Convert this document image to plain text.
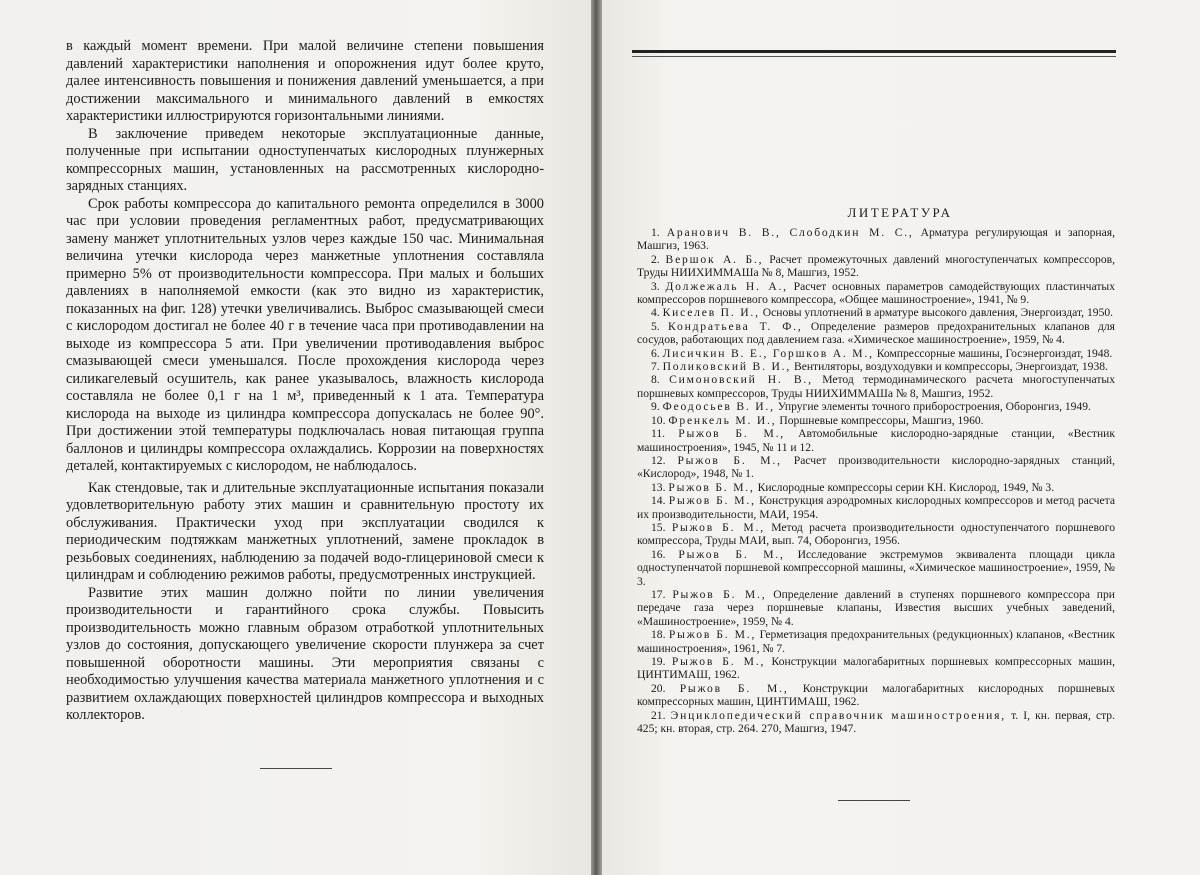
в каждый момент времени. При малой величине степени повышения давлений характеристики наполнения и опорожнения идут более круто, далее интенсивность повышения и понижения давлений уменьшается, а при достижении максимального и минимального давлений в емкостях характеристики иллюстрируются горизонтальными линиями.

В заключение приведем некоторые эксплуатационные данные, полученные при испытании одноступенчатых кислородных плунжерных компрессорных машин, установленных на рассмотренных кислородно-зарядных станциях.

Срок работы компрессора до капитального ремонта определился в 3000 час при условии проведения регламентных работ, предусматривающих замену манжет уплотнительных узлов через каждые 150 час. Минимальная величина утечки кислорода через манжетные уплотнения составляла примерно 5% от производительности компрессора. При малых и больших давлениях в наполняемой емкости (как это видно из характеристик, показанных на фиг. 128) утечки увеличивались. Выброс смазывающей смеси с кислородом достигал не более 40 г в течение часа при противодавлении на выходе из компрессора 5 ати. При увеличении противодавления выброс смазывающей смеси уменьшался. После прохождения кислорода через силикагелевый осушитель, как ранее указывалось, влажность кислорода составляла не более 0,1 г на 1 м³, приведенный к 1 ата. Температура кислорода на выходе из цилиндра компрессора допускалась не более 90°. При достижении этой температуры подключалась новая питающая группа баллонов и цилиндры компрессора охлаждались. Коррозии на поверхностях деталей, контактируемых с кислородом, не наблюдалось.

Как стендовые, так и длительные эксплуатационные испытания показали удовлетворительную работу этих машин и сравнительную простоту их обслуживания. Практически уход при эксплуатации сводился к периодическим подтяжкам манжетных уплотнений, замене прокладок в резьбовых соединениях, наблюдению за подачей водо-глицериновой смеси к цилиндрам и соблюдению режимов работы, предусмотренных инструкцией.

Развитие этих машин должно пойти по линии увеличения производительности и гарантийного срока службы. Повысить производительность можно главным образом отработкой уплотнительных узлов до состояния, допускающего увеличение скорости плунжера за счет повышенной оборотности машины. Эти мероприятия связаны с необходимостью улучшения качества материала манжетного уплотнения и с развитием охлаждающих поверхностей цилиндров компрессора и выходных коллекторов.

ЛИТЕРАТУРА

1. Аранович В. В., Слободкин М. С., Арматура регулирующая и запорная, Машгиз, 1963.

2. Вершок А. Б., Расчет промежуточных давлений многоступенчатых компрессоров, Труды НИИХИММАШа № 8, Машгиз, 1952.

3. Должежаль Н. А., Расчет основных параметров самодействующих пластинчатых компрессоров поршневого компрессора, «Общее машиностроение», 1941, № 9.

4. Киселев П. И., Основы уплотнений в арматуре высокого давления, Энергоиздат, 1950.

5. Кондратьева Т. Ф., Определение размеров предохранительных клапанов для сосудов, работающих под давлением газа. «Химическое машиностроение», 1959, № 4.

6. Лисичкин В. Е., Горшков А. М., Компрессорные машины, Госэнергоиздат, 1948.

7. Поликовский В. И., Вентиляторы, воздуходувки и компрессоры, Энергоиздат, 1938.

8. Симоновский Н. В., Метод термодинамического расчета многоступенчатых поршневых компрессоров, Труды НИИХИММАШа № 8, Машгиз, 1952.

9. Феодосьев В. И., Упругие элементы точного приборостроения, Оборонгиз, 1949.

10. Френкель М. И., Поршневые компрессоры, Машгиз, 1960.

11. Рыжов Б. М., Автомобильные кислородно-зарядные станции, «Вестник машиностроения», 1945, № 11 и 12.

12. Рыжов Б. М., Расчет производительности кислородно-зарядных станций, «Кислород», 1948, № 1.

13. Рыжов Б. М., Кислородные компрессоры серии КН. Кислород, 1949, № 3.

14. Рыжов Б. М., Конструкция аэродромных кислородных компрессоров и метод расчета их производительности, МАИ, 1954.

15. Рыжов Б. М., Метод расчета производительности одноступенчатого поршневого компрессора, Труды МАИ, вып. 74, Оборонгиз, 1956.

16. Рыжов Б. М., Исследование экстремумов эквивалента площади цикла одноступенчатой поршневой компрессорной машины, «Химическое машиностроение», 1959, № 3.

17. Рыжов Б. М., Определение давлений в ступенях поршневого компрессора при передаче газа через поршневые клапаны, Известия высших учебных заведений, «Машиностроение», 1959, № 4.

18. Рыжов Б. М., Герметизация предохранительных (редукционных) клапанов, «Вестник машиностроения», 1961, № 7.

19. Рыжов Б. М., Конструкции малогабаритных поршневых компрессорных машин, ЦИНТИМАШ, 1962.

20. Рыжов Б. М., Конструкции малогабаритных кислородных поршневых компрессорных машин, ЦИНТИМАШ, 1962.

21. Энциклопедический справочник машиностроения, т. I, кн. первая, стр. 425; кн. вторая, стр. 264. 270, Машгиз, 1947.
